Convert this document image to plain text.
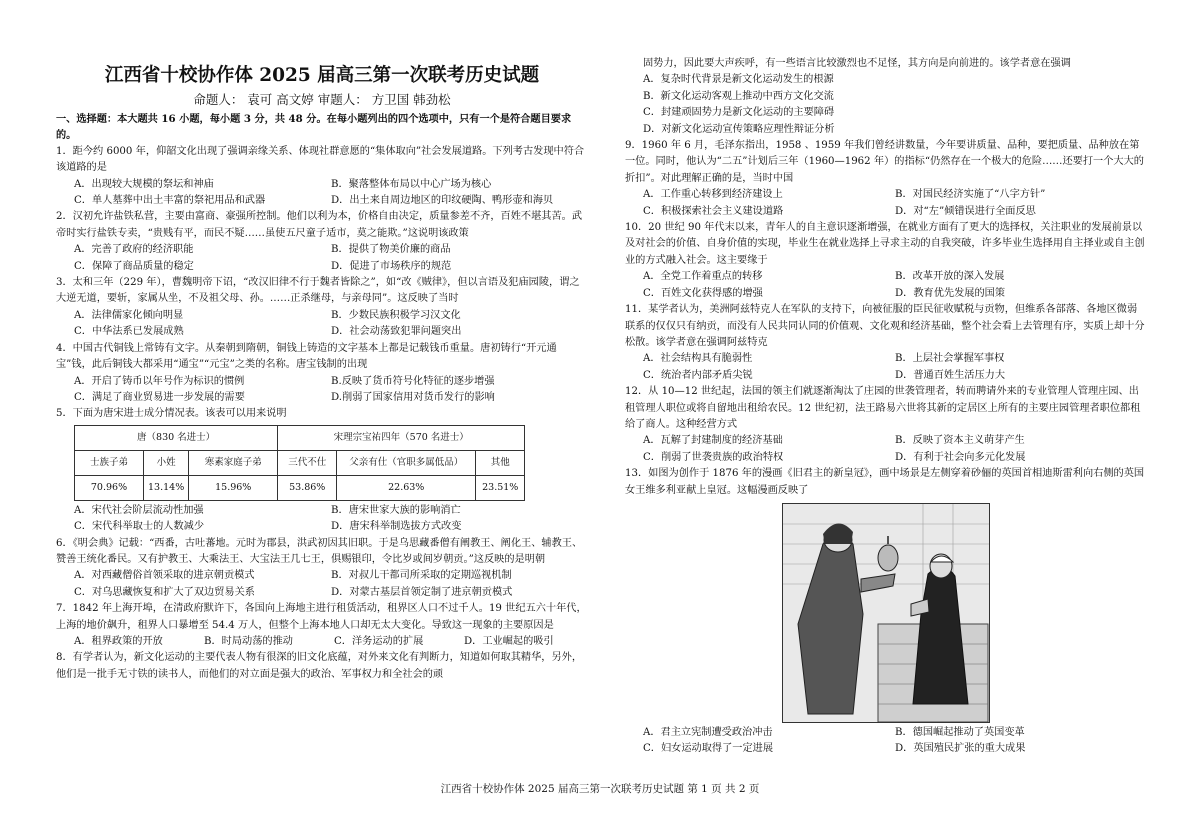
江西省十校协作体 2025 届高三第一次联考历史试题
命题人： 袁可 高文婷 审题人： 方卫国 韩劲松
一、选择题：本大题共 16 小题，每小题 3 分，共 48 分。在每小题列出的四个选项中，只有一个是符合题目要求的。
1．距今约 6000 年，仰韶文化出现了强调亲缘关系、体现社群意愿的“集体取向”社会发展道路。下列考古发现中符合该道路的是
A．出现较大规模的祭坛和神庙	B．聚落整体布局以中心广场为核心
C．单人墓葬中出土丰富的祭祀用品和武器	D．出土来自周边地区的印纹硬陶、鸭形壶和海贝
2．汉初允许盐铁私营，主要由富商、豪强所控制。他们以利为本，价格自由决定，质量参差不齐，百姓不堪其苦。武帝时实行盐铁专卖，“贵贱有平，而民不疑……虽使五尺童子适市，莫之能欺。”这说明该政策
A．完善了政府的经济职能	B．提供了物美价廉的商品
C．保障了商品质量的稳定	D．促进了市场秩序的规范
3．太和三年（229 年），曹魏明帝下诏，“改汉旧律不行于魏者皆除之”，如“改《贼律》，但以言语及犯庙园陵，谓之大逆无道，要斩，家属从坐，不及祖父母、孙。……正杀继母，与亲母同”。这反映了当时
A．法律儒家化倾向明显	B．少数民族积极学习汉文化
C．中华法系已发展成熟	D．社会动荡致犯罪问题突出
4．中国古代铜钱上常铸有文字。从秦朝到隋朝，铜钱上铸造的文字基本上都是记载钱币重量。唐初铸行“开元通宝”钱，此后铜钱大都采用“通宝”“元宝”之类的名称。唐宝钱制的出现
A．开启了铸币以年号作为标识的惯例	B.反映了货币符号化特征的逐步增强
C．满足了商业贸易进一步发展的需要	D.削弱了国家信用对货币发行的影响
5．下面为唐宋进士成分情况表。该表可以用来说明
唐（830 名进士）			宋理宗宝祐四年（570 名进士）		
士族子弟	小姓	寒素家庭子弟	三代不仕	父亲有仕（官职多属低品）	其他
70.96%	13.14%	15.96%	53.86%	22.63%	23.51%
A．宋代社会阶层流动性加强	B．唐宋世家大族的影响消亡
C．宋代科举取士的人数减少	D．唐宋科举制选拔方式改变
6．《明会典》记载：“西番，古吐蕃地。元时为郡县，洪武初因其旧职。于是乌思藏番僧有阐教王、阐化王、辅教王、赞善王统化番民。又有护教王、大乘法王、大宝法王几七王，俱赐银印，令比岁或间岁朝贡。”这反映的是明朝
A．对西藏僧俗首领采取的进京朝贡模式	B．对叔儿干都司所采取的定期巡视机制
C．对乌思藏恢复和扩大了双边贸易关系	D．对蒙古基层首领定制了进京朝贡模式
7．1842 年上海开埠，在清政府默许下，各国向上海地主进行租赁活动，租界区人口不过千人。19 世纪五六十年代，上海的地价飙升，租界人口暴增至 54.4 万人，但整个上海本地人口却无太大变化。导致这一现象的主要原因是
A．租界政策的开放	B．时局动荡的推动	C．洋务运动的扩展	D．工业崛起的吸引
8．有学者认为，新文化运动的主要代表人物有很深的旧文化底蕴，对外来文化有判断力，知道如何取其精华，另外，他们是一批手无寸铁的读书人，而他们的对立面是强大的政治、军事权力和全社会的顽
固势力，因此要大声疾呼，有一些语言比较激烈也不足怪，其方向是向前进的。该学者意在强调
A．复杂时代背景是新文化运动发生的根源
B．新文化运动客观上推动中西方文化交流
C．封建顽固势力是新文化运动的主要障碍
D．对新文化运动宣传策略应理性辩证分析
9．1960 年 6 月，毛泽东指出，1958 、1959 年我们曾经讲数量，今年要讲质量、品种，要把质量、品种放在第一位。同时，他认为“二五”计划后三年（1960—1962 年）的指标“仍然存在一个极大的危险……还要打一个大大的折扣”。对此理解正确的是，当时中国
A．工作重心转移到经济建设上	B．对国民经济实施了“八字方针”
C．积极探索社会主义建设道路	D．对“左”倾错误进行全面反思
10．20 世纪 90 年代末以来，青年人的自主意识逐渐增强，在就业方面有了更大的选择权，关注职业的发展前景以及对社会的价值、自身价值的实现，毕业生在就业选择上寻求主动的自我突破，许多毕业生选择用自主择业或自主创业的方式融入社会。这主要缘于
A．全党工作着重点的转移	B．改革开放的深入发展
C．百姓文化获得感的增强	D．教育优先发展的国策
11．某学者认为，美洲阿兹特克人在军队的支持下，向被征服的臣民征收赋税与贡物，但维系各部落、各地区微弱联系的仅仅只有纳贡，而没有人民共同认同的价值观、文化观和经济基础，整个社会看上去管理有序，实质上却十分松散。该学者意在强调阿兹特克
A．社会结构具有脆弱性	B．上层社会掌握军事权
C．统治者内部矛盾尖锐	D．普通百姓生活压力大
12．从 10—12 世纪起，法国的领主们就逐渐淘汰了庄园的世袭管理者，转而聘请外来的专业管理人管理庄园、出租管理人职位或将自留地出租给农民。12 世纪初，法王路易六世将其新的定居区上所有的主要庄园管理者职位都租给了商人。这种经营方式
A．瓦解了封建制度的经济基础	B．反映了资本主义萌芽产生
C．削弱了世袭贵族的政治特权	D．有利于社会向多元化发展
13．如图为创作于 1876 年的漫画《旧君主的新皇冠》，画中场景是左侧穿着砂俪的英国首相迪斯雷利向右侧的英国女王维多利亚献上皇冠。这幅漫画反映了
A．君主立宪制遭受政治冲击	B．德国崛起推动了英国变革
C．妇女运动取得了一定进展	D．英国殖民扩张的重大成果
江西省十校协作体 2025 届高三第一次联考历史试题 第 1 页 共 2 页
